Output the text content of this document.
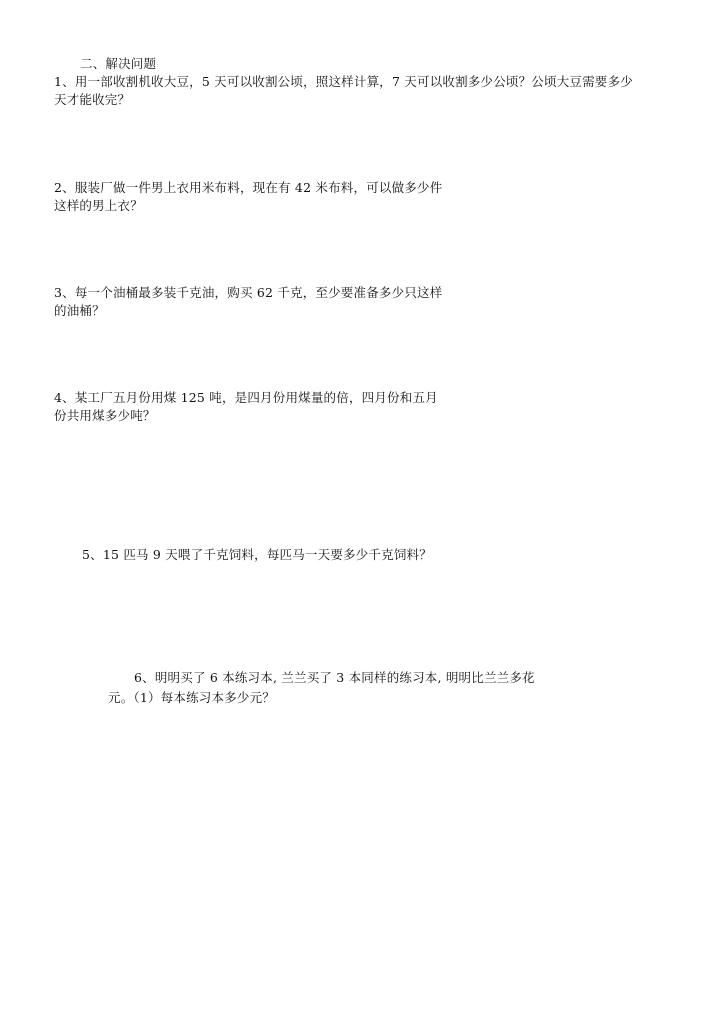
二、解决问题
1、用一部收割机收大豆，5 天可以收割公顷，照这样计算，7 天可以收割多少公顷？公顷大豆需要多少
天才能收完？
2、服装厂做一件男上衣用米布料，现在有 42 米布料，可以做多少件
这样的男上衣？
3、每一个油桶最多装千克油，购买 62 千克，至少要准备多少只这样
的油桶？
4、某工厂五月份用煤 125 吨，是四月份用煤量的倍，四月份和五月
份共用煤多少吨？
5、15 匹马 9 天喂了千克饲料，每匹马一天要多少千克饲料？
6、明明买了 6 本练习本, 兰兰买了 3 本同样的练习本, 明明比兰兰多花
元。（1）每本练习本多少元？
